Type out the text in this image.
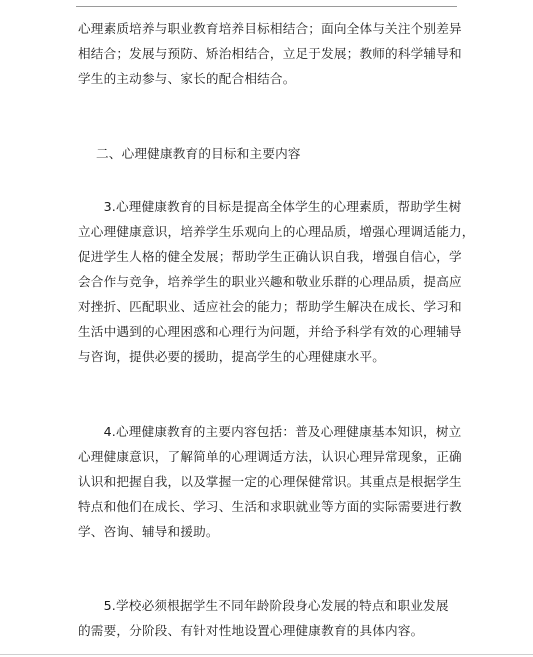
心理素质培养与职业教育培养目标相结合；面向全体与关注个别差异
相结合；发展与预防、矫治相结合，立足于发展；教师的科学辅导和
学生的主动参与、家长的配合相结合。
二、心理健康教育的目标和主要内容
　　3.心理健康教育的目标是提高全体学生的心理素质，帮助学生树
立心理健康意识，培养学生乐观向上的心理品质，增强心理调适能力，
促进学生人格的健全发展；帮助学生正确认识自我，增强自信心，学
会合作与竞争，培养学生的职业兴趣和敬业乐群的心理品质，提高应
对挫折、匹配职业、适应社会的能力；帮助学生解决在成长、学习和
生活中遇到的心理困惑和心理行为问题，并给予科学有效的心理辅导
与咨询，提供必要的援助，提高学生的心理健康水平。
　　4.心理健康教育的主要内容包括：普及心理健康基本知识，树立
心理健康意识，了解简单的心理调适方法，认识心理异常现象，正确
认识和把握自我，以及掌握一定的心理保健常识。其重点是根据学生
特点和他们在成长、学习、生活和求职就业等方面的实际需要进行教
学、咨询、辅导和援助。
　　5.学校必须根据学生不同年龄阶段身心发展的特点和职业发展
的需要，分阶段、有针对性地设置心理健康教育的具体内容。
